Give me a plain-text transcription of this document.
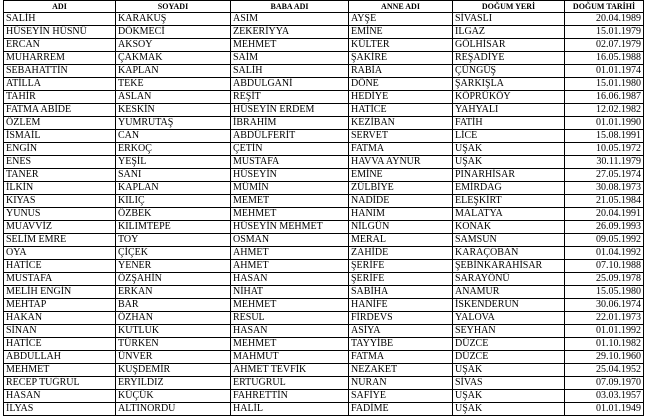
ADI	SOYADI	BABA ADI	ANNE ADI	DOĞUM YERİ	DOĞUM TARİHİ
SALİH	KARAKUŞ	ASIM	AYŞE	SİVASLI	20.04.1989
HÜSEYİN HÜSNÜ	DÖKMECİ	ZEKERİYYA	EMİNE	ILGAZ	15.01.1979
ERCAN	AKSOY	MEHMET	KÜLTER	GÖLHİSAR	02.07.1979
MUHARREM	ÇAKMAK	SAİM	ŞAKİRE	REŞADİYE	16.05.1988
SEBAHATTİN	KAPLAN	SALİH	RABİA	ÇÜNGÜŞ	01.01.1974
ATİLLA	TEKE	ABDULGANİ	DÖNE	ŞARKIŞLA	15.01.1980
TAHİR	ASLAN	REŞİT	HEDİYE	KÖPRÜKÖY	16.06.1987
FATMA ABİDE	KESKİN	HÜSEYİN ERDEM	HATİCE	YAHYALI	12.02.1982
ÖZLEM	YUMRUTAŞ	İBRAHİM	KEZİBAN	FATİH	01.01.1990
İSMAİL	CAN	ABDÜLFERİT	SERVET	LİCE	15.08.1991
ENGİN	ERKOÇ	ÇETİN	FATMA	UŞAK	10.05.1972
ENES	YEŞİL	MUSTAFA	HAVVA AYNUR	UŞAK	30.11.1979
TANER	SANI	HÜSEYİN	EMİNE	PINARHİSAR	27.05.1974
İLKİN	KAPLAN	MÜMİN	ZÜLBİYE	EMİRDAĞ	30.08.1973
KIYAS	KILIÇ	MEMET	NADİDE	ELEŞKİRT	21.05.1984
YUNUS	ÖZBEK	MEHMET	HANIM	MALATYA	20.04.1991
MUAVVİZ	KILIMTEPE	HÜSEYİN MEHMET	NİLGÜN	KONAK	26.09.1993
SELİM EMRE	TOY	OSMAN	MERAL	SAMSUN	09.05.1992
OYA	ÇİÇEK	AHMET	ZAHİDE	KARAÇOBAN	01.04.1992
HATİCE	YENER	AHMET	ŞERİFE	ŞEBİNKARAHİSAR	07.10.1988
MUSTAFA	ÖZŞAHİN	HASAN	ŞERİFE	SARAYÖNÜ	25.09.1978
MELİH ENGİN	ERKAN	NİHAT	SABİHA	ANAMUR	15.05.1980
MEHTAP	BAR	MEHMET	HANİFE	İSKENDERUN	30.06.1974
HAKAN	ÖZHAN	RESUL	FİRDEVS	YALOVA	22.01.1973
SİNAN	KUTLUK	HASAN	ASİYA	SEYHAN	01.01.1992
HATİCE	TÜRKEN	MEHMET	TAYYİBE	DÜZCE	01.10.1982
ABDULLAH	ÜNVER	MAHMUT	FATMA	DÜZCE	29.10.1960
MEHMET	KUŞDEMİR	AHMET TEVFİK	NEZAKET	UŞAK	25.04.1952
RECEP TUĞRUL	ERYILDIZ	ERTUĞRUL	NURAN	SİVAS	07.09.1970
HASAN	KÜÇÜK	FAHRETTİN	SAFİYE	UŞAK	03.03.1957
İLYAS	ALTINORDU	HALİL	FADİME	UŞAK	01.01.1949
